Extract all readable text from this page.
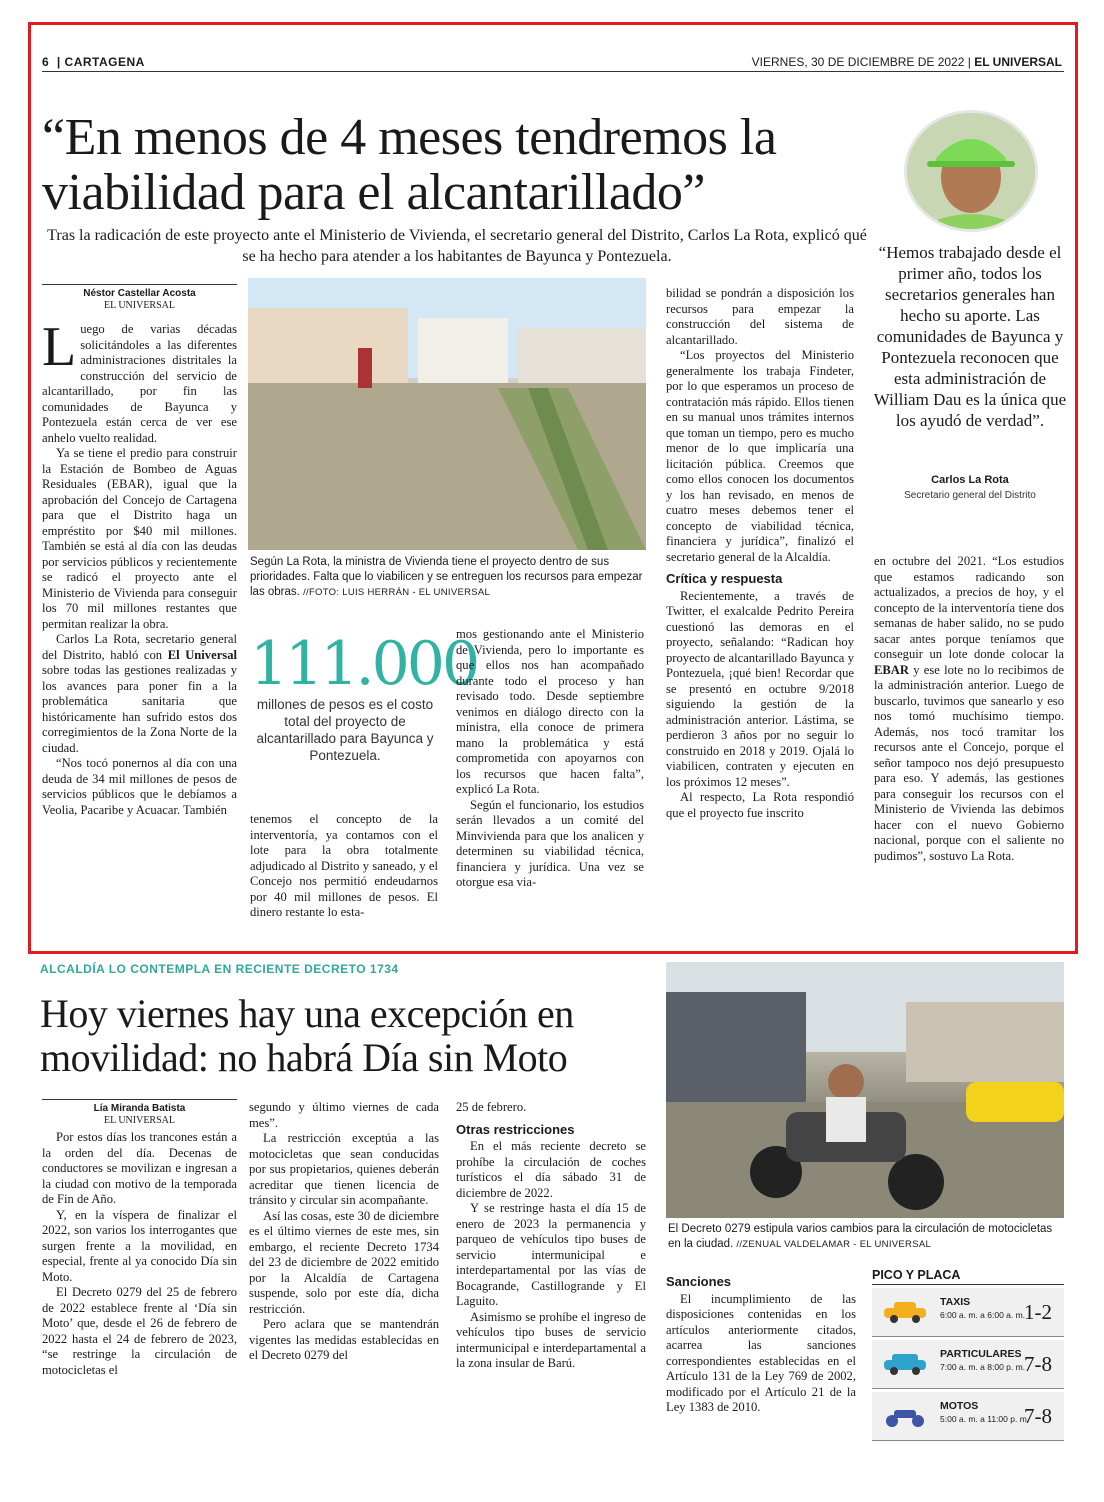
6  | CARTAGENA	VIERNES, 30 DE DICIEMBRE DE 2022 | EL UNIVERSAL
“En menos de 4 meses tendremos la viabilidad para el alcantarillado”
Tras la radicación de este proyecto ante el Ministerio de Vivienda, el secretario general del Distrito, Carlos La Rota, explicó qué se ha hecho para atender a los habitantes de Bayunca y Pontezuela.	“Hemos trabajado desde el primer año, todos los secretarios generales han hecho su aporte. Las comunidades de Bayunca y Pontezuela reconocen que esta administración de William Dau es la única que los ayudó de verdad”.
Carlos La Rota
Secretario general del Distrito
Néstor Castellar Acosta
EL UNIVERSAL

Luego de varias décadas solicitándoles a las diferentes administraciones distritales la construcción del servicio de alcantarillado, por fin las comunidades de Bayunca y Pontezuela están cerca de ver ese anhelo vuelto realidad.

Ya se tiene el predio para construir la Estación de Bombeo de Aguas Residuales (EBAR), igual que la aprobación del Concejo de Cartagena para que el Distrito haga un empréstito por $40 mil millones. También se está al día con las deudas por servicios públicos y recientemente se radicó el proyecto ante el Ministerio de Vivienda para conseguir los 70 mil millones restantes que permitan realizar la obra.

Carlos La Rota, secretario general del Distrito, habló con El Universal sobre todas las gestiones realizadas y los avances para poner fin a la problemática sanitaria que históricamente han sufrido estos dos corregimientos de la Zona Norte de la ciudad.

“Nos tocó ponernos al día con una deuda de 34 mil millones de pesos de servicios públicos que le debíamos a Veolia, Pacaribe y Acuacar. También

Según La Rota, la ministra de Vivienda tiene el proyecto dentro de sus prioridades. Falta que lo viabilicen y se entreguen los recursos para empezar las obras. //FOTO: LUIS HERRÁN - EL UNIVERSAL
111.000
millones de pesos es el costo total del proyecto de alcantarillado para Bayunca y Pontezuela.

tenemos el concepto de la interventoría, ya contamos con el lote para la obra totalmente adjudicado al Distrito y saneado, y el Concejo nos permitió endeudarnos por 40 mil millones de pesos. El dinero restante lo esta-

mos gestionando ante el Ministerio de Vivienda, pero lo importante es que ellos nos han acompañado durante todo el proceso y han revisado todo. Desde septiembre venimos en diálogo directo con la ministra, ella conoce de primera mano la problemática y está comprometida con apoyarnos con los recursos que hacen falta”, explicó La Rota.

Según el funcionario, los estudios serán llevados a un comité del Minvivienda para que los analicen y determinen su viabilidad técnica, financiera y jurídica. Una vez se otorgue esa via-

bilidad se pondrán a disposición los recursos para empezar la construcción del sistema de alcantarillado.

“Los proyectos del Ministerio generalmente los trabaja Findeter, por lo que esperamos un proceso de contratación más rápido. Ellos tienen en su manual unos trámites internos que toman un tiempo, pero es mucho menor de lo que implicaría una licitación pública. Creemos que como ellos conocen los documentos y los han revisado, en menos de cuatro meses debemos tener el concepto de viabilidad técnica, financiera y jurídica”, finalizó el secretario general de la Alcaldía.

Crítica y respuesta

Recientemente, a través de Twitter, el exalcalde Pedrito Pereira cuestionó las demoras en el proyecto, señalando: “Radican hoy proyecto de alcantarillado Bayunca y Pontezuela, ¡qué bien! Recordar que se presentó en octubre 9/2018 siguiendo la gestión de la administración anterior. Lástima, se perdieron 3 años por no seguir lo construido en 2018 y 2019. Ojalá lo viabilicen, contraten y ejecuten en los próximos 12 meses”.

Al respecto, La Rota respondió que el proyecto fue inscrito

en octubre del 2021. “Los estudios que estamos radicando son actualizados, a precios de hoy, y el concepto de la interventoría tiene dos semanas de haber salido, no se pudo sacar antes porque teníamos que conseguir un lote donde colocar la EBAR y ese lote no lo recibimos de la administración anterior. Luego de buscarlo, tuvimos que sanearlo y eso nos tomó muchísimo tiempo. Además, nos tocó tramitar los recursos ante el Concejo, porque el señor tampoco nos dejó presupuesto para eso. Y además, las gestiones para conseguir los recursos con el Ministerio de Vivienda las debimos hacer con el nuevo Gobierno nacional, porque con el saliente no pudimos”, sostuvo La Rota.

ALCALDÍA LO CONTEMPLA EN RECIENTE DECRETO 1734
Hoy viernes hay una excepción en movilidad: no habrá Día sin Moto
El Decreto 0279 estipula varios cambios para la circulación de motocicletas en la ciudad. //ZENUAL VALDELAMAR - EL UNIVERSAL
Lía Miranda Batista
EL UNIVERSAL

Por estos días los trancones están a la orden del día. Decenas de conductores se movilizan e ingresan a la ciudad con motivo de la temporada de Fin de Año.

Y, en la víspera de finalizar el 2022, son varios los interrogantes que surgen frente a la movilidad, en especial, frente al ya conocido Día sin Moto.

El Decreto 0279 del 25 de febrero de 2022 establece frente al ‘Día sin Moto’ que, desde el 26 de febrero de 2022 hasta el 24 de febrero de 2023, “se restringe la circulación de motocicletas el

segundo y último viernes de cada mes”.

La restricción exceptúa a las motocicletas que sean conducidas por sus propietarios, quienes deberán acreditar que tienen licencia de tránsito y circular sin acompañante.

Así las cosas, este 30 de diciembre es el último viernes de este mes, sin embargo, el reciente Decreto 1734 del 23 de diciembre de 2022 emitido por la Alcaldía de Cartagena suspende, solo por este día, dicha restricción.

Pero aclara que se mantendrán vigentes las medidas establecidas en el Decreto 0279 del

25 de febrero.

Otras restricciones

En el más reciente decreto se prohíbe la circulación de coches turísticos el día sábado 31 de diciembre de 2022.

Y se restringe hasta el día 15 de enero de 2023 la permanencia y parqueo de vehículos tipo buses de servicio intermunicipal e interdepartamental por las vías de Bocagrande, Castillogrande y El Laguito.

Asimismo se prohíbe el ingreso de vehículos tipo buses de servicio intermunicipal e interdepartamental a la zona insular de Barú.

Sanciones

El incumplimiento de las disposiciones contenidas en los artículos anteriormente citados, acarrea las sanciones correspondientes establecidas en el Artículo 131 de la Ley 769 de 2002, modificado por el Artículo 21 de la Ley 1383 de 2010.

PICO Y PLACA
TAXIS
6:00 a. m. a 6:00 a. m.
1-2
PARTICULARES
7:00 a. m. a 8:00 p. m.
7-8
MOTOS
5:00 a. m. a 11:00 p. m.
7-8
